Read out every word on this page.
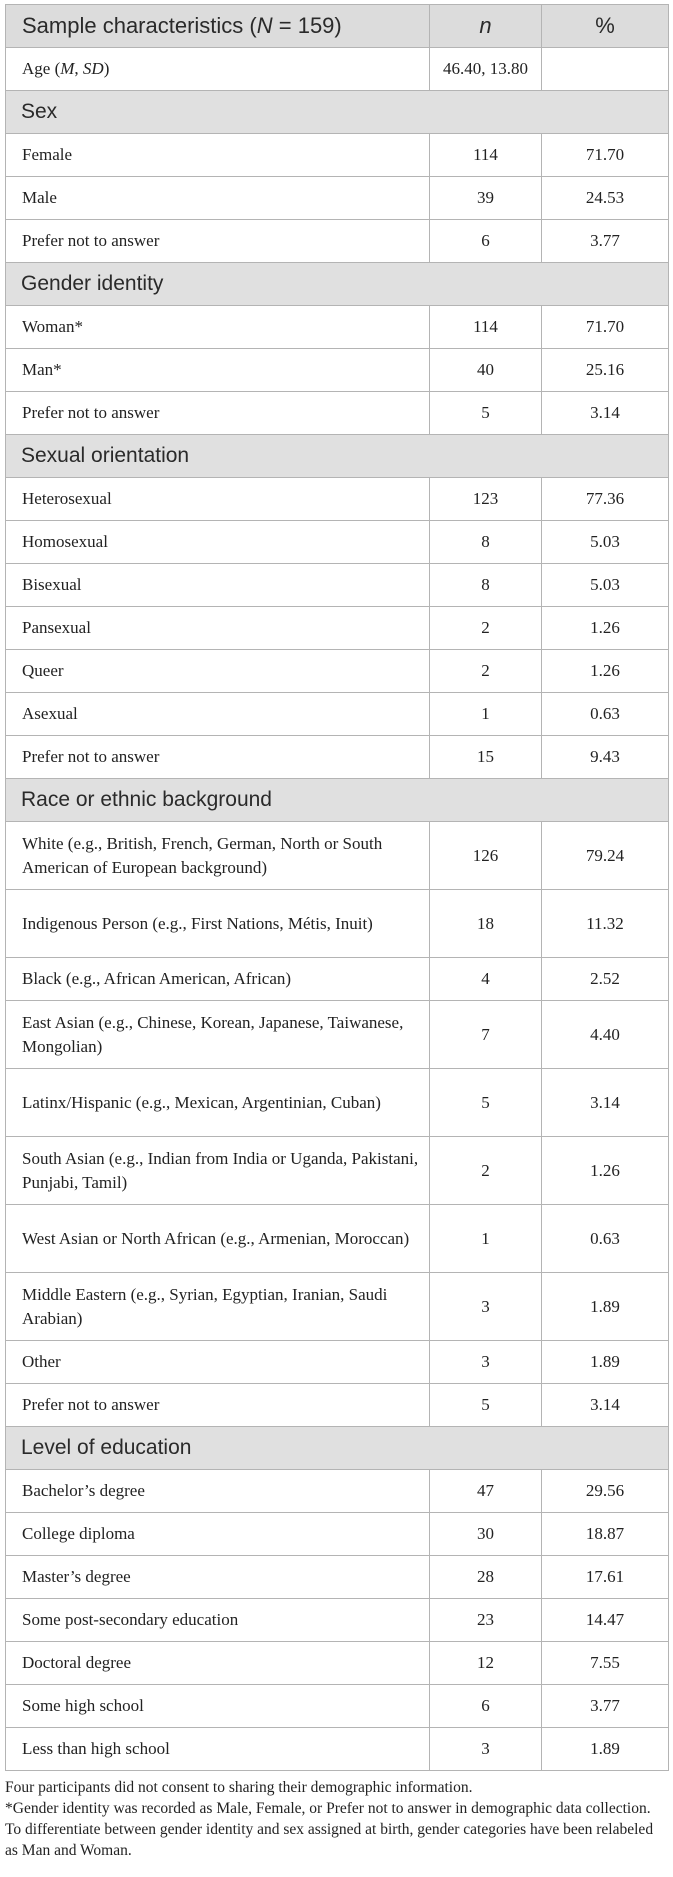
Sample characteristics (N = 159)	n	%
Age (M, SD)	46.40, 13.80	
Sex		
Female	114	71.70
Male	39	24.53
Prefer not to answer	6	3.77
Gender identity		
Woman*	114	71.70
Man*	40	25.16
Prefer not to answer	5	3.14
Sexual orientation		
Heterosexual	123	77.36
Homosexual	8	5.03
Bisexual	8	5.03
Pansexual	2	1.26
Queer	2	1.26
Asexual	1	0.63
Prefer not to answer	15	9.43
Race or ethnic background		
White (e.g., British, French, German, North or South American of European background)	126	79.24
Indigenous Person (e.g., First Nations, Métis, Inuit)	18	11.32
Black (e.g., African American, African)	4	2.52
East Asian (e.g., Chinese, Korean, Japanese, Taiwanese, Mongolian)	7	4.40
Latinx/Hispanic (e.g., Mexican, Argentinian, Cuban)	5	3.14
South Asian (e.g., Indian from India or Uganda, Pakistani, Punjabi, Tamil)	2	1.26
West Asian or North African (e.g., Armenian, Moroccan)	1	0.63
Middle Eastern (e.g., Syrian, Egyptian, Iranian, Saudi Arabian)	3	1.89
Other	3	1.89
Prefer not to answer	5	3.14
Level of education		
Bachelor’s degree	47	29.56
College diploma	30	18.87
Master’s degree	28	17.61
Some post-secondary education	23	14.47
Doctoral degree	12	7.55
Some high school	6	3.77
Less than high school	3	1.89

Four participants did not consent to sharing their demographic information.

*Gender identity was recorded as Male, Female, or Prefer not to answer in demographic data collection. To differentiate between gender identity and sex assigned at birth, gender categories have been relabeled as Man and Woman.
